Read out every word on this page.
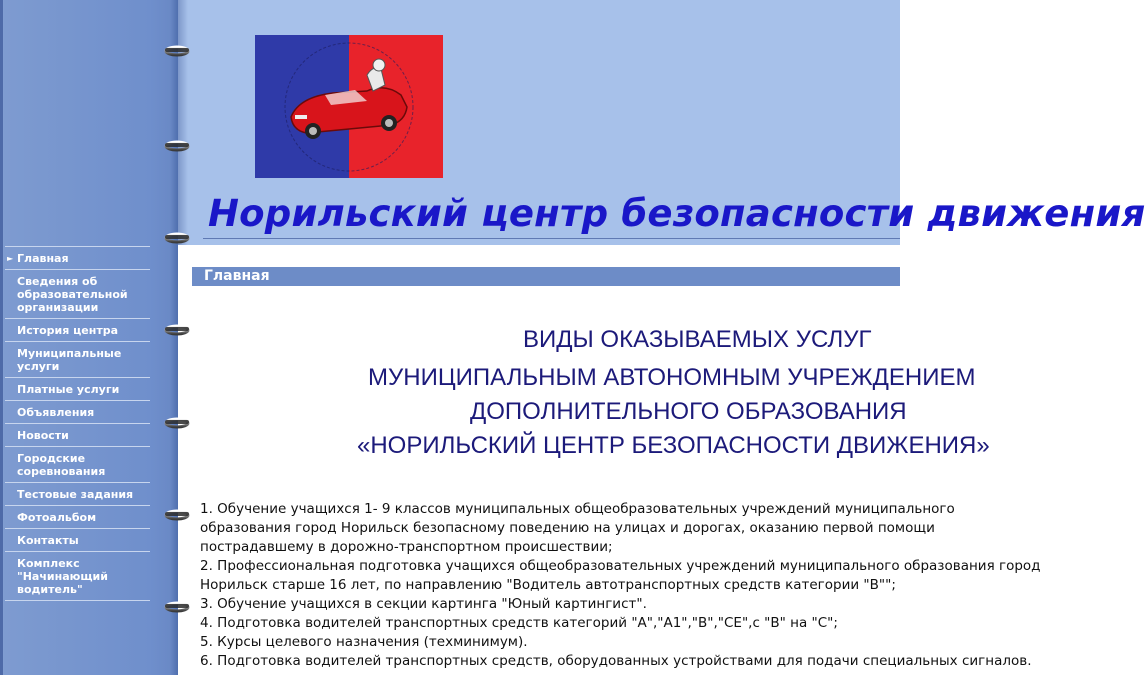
Норильский центр безопасности движения
► Главная
Сведения об
образовательной
организации
История центра
Муниципальные
услуги
Платные услуги
Объявления
Новости
Городские
соревнования
Тестовые задания
Фотоальбом
Контакты
Комплекс
"Начинающий
водитель"
Главная
ВИДЫ ОКАЗЫВАЕМЫХ УСЛУГ
МУНИЦИПАЛЬНЫМ АВТОНОМНЫМ УЧРЕЖДЕНИЕМ
ДОПОЛНИТЕЛЬНОГО ОБРАЗОВАНИЯ
«НОРИЛЬСКИЙ ЦЕНТР БЕЗОПАСНОСТИ ДВИЖЕНИЯ»
1. Обучение учащихся 1- 9 классов муниципальных общеобразовательных учреждений муниципального
образования город Норильск безопасному поведению на улицах и дорогах, оказанию первой помощи
пострадавшему в дорожно-транспортном происшествии;
2. Профессиональная подготовка учащихся общеобразовательных учреждений муниципального образования город
Норильск старше 16 лет, по направлению "Водитель автотранспортных средств категории "В"";
3. Обучение учащихся в секции картинга "Юный картингист".
4. Подготовка водителей транспортных средств категорий "А","А1","В","СЕ",с "В" на "С";
5. Курсы целевого назначения (техминимум).
6. Подготовка водителей транспортных средств, оборудованных устройствами для подачи специальных сигналов.
